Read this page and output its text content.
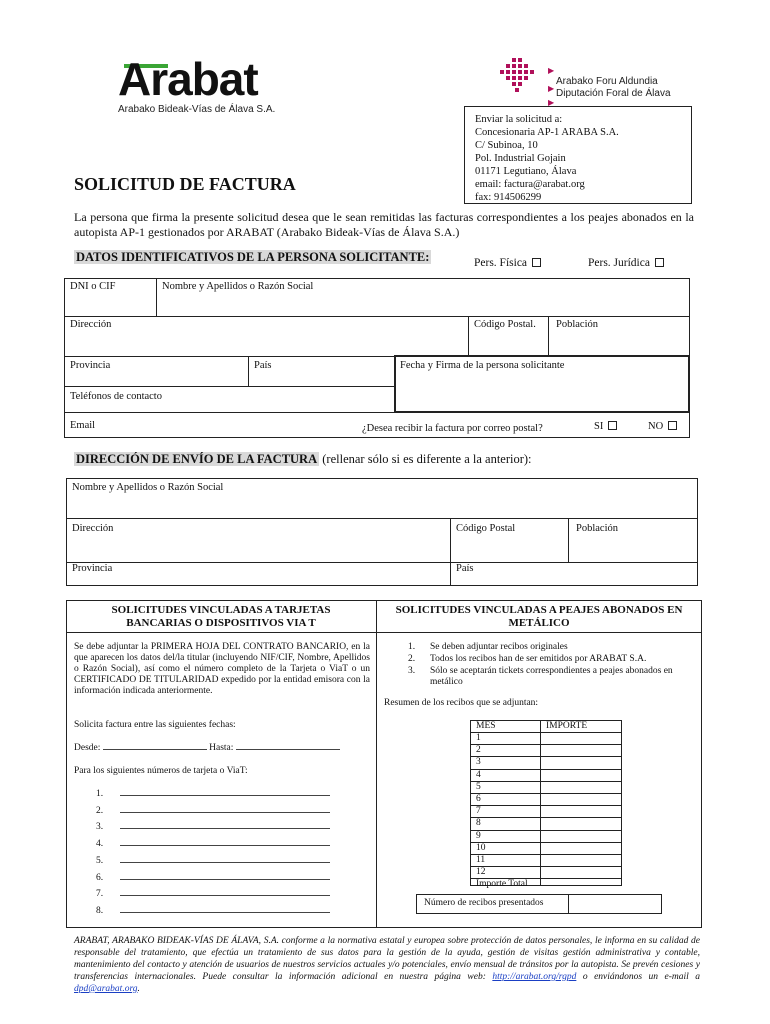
Arabat
Arabako Bideak-Vías de Álava S.A.
▶
Arabako Foru Aldundia
▶ Diputación Foral de Álava
▶
Enviar la solicitud a:
Concesionaria AP-1 ARABA S.A.
C/ Subinoa, 10
Pol. Industrial Gojain
01171 Legutiano, Álava
email: factura@arabat.org
fax: 914506299
SOLICITUD DE FACTURA
La persona que firma la presente solicitud desea que le sean remitidas las facturas correspondientes a los peajes abonados en la autopista AP-1 gestionados por ARABAT (Arabako Bideak-Vías de Álava S.A.)
DATOS IDENTIFICATIVOS DE LA PERSONA SOLICITANTE:	Pers. Física	Pers. Jurídica
DNI o CIF	Nombre y Apellidos o Razón Social
Dirección	Código Postal. Población
Provincia	País	Fecha y Firma de la persona solicitante
Teléfonos de contacto
Email	¿Desea recibir la factura por correo postal?	SI	NO
DIRECCIÓN DE ENVÍO DE LA FACTURA (rellenar sólo si es diferente a la anterior):
Nombre y Apellidos o Razón Social
Dirección	Código Postal	Población
Provincia	País
SOLICITUDES VINCULADAS A TARJETAS
BANCARIAS O DISPOSITIVOS VIA T
SOLICITUDES VINCULADAS A PEAJES ABONADOS EN
METÁLICO
Se debe adjuntar la PRIMERA HOJA DEL CONTRATO BANCARIO, en la que aparecen los datos del/la titular (incluyendo NIF/CIF, Nombre, Apellidos o Razón Social), así como el número completo de la Tarjeta o ViaT o un CERTIFICADO DE TITULARIDAD expedido por la entidad emisora con la información indicada anteriormente.
Solicita factura entre las siguientes fechas:
Desde:	Hasta:
Para los siguientes números de tarjeta o ViaT:
1.
2.
3.
4.
5.
6.
7.
8.
1. Se deben adjuntar recibos originales
2. Todos los recibos han de ser emitidos por ARABAT S.A.
3. Sólo se aceptarán tickets correspondientes a peajes abonados en metálico
Resumen de los recibos que se adjuntan:
MES	IMPORTE
1
2
3
4
5
6
7
8
9
10
11
12
Importe Total
Número de recibos presentados
ARABAT, ARABAKO BIDEAK-VÍAS DE ÁLAVA, S.A. conforme a la normativa estatal y europea sobre protección de datos personales, le informa en su calidad de responsable del tratamiento, que efectúa un tratamiento de sus datos para la gestión de la ayuda, gestión de visitas gestión administrativa y contable, mantenimiento del contacto y atención de usuarios de nuestros servicios actuales y/o potenciales, envío mensual de tránsitos por la autopista. Se prevén cesiones y transferencias internacionales. Puede consultar la información adicional en nuestra página web: http://arabat.org/rgpd o enviándonos un e-mail a dpd@arabat.org.
